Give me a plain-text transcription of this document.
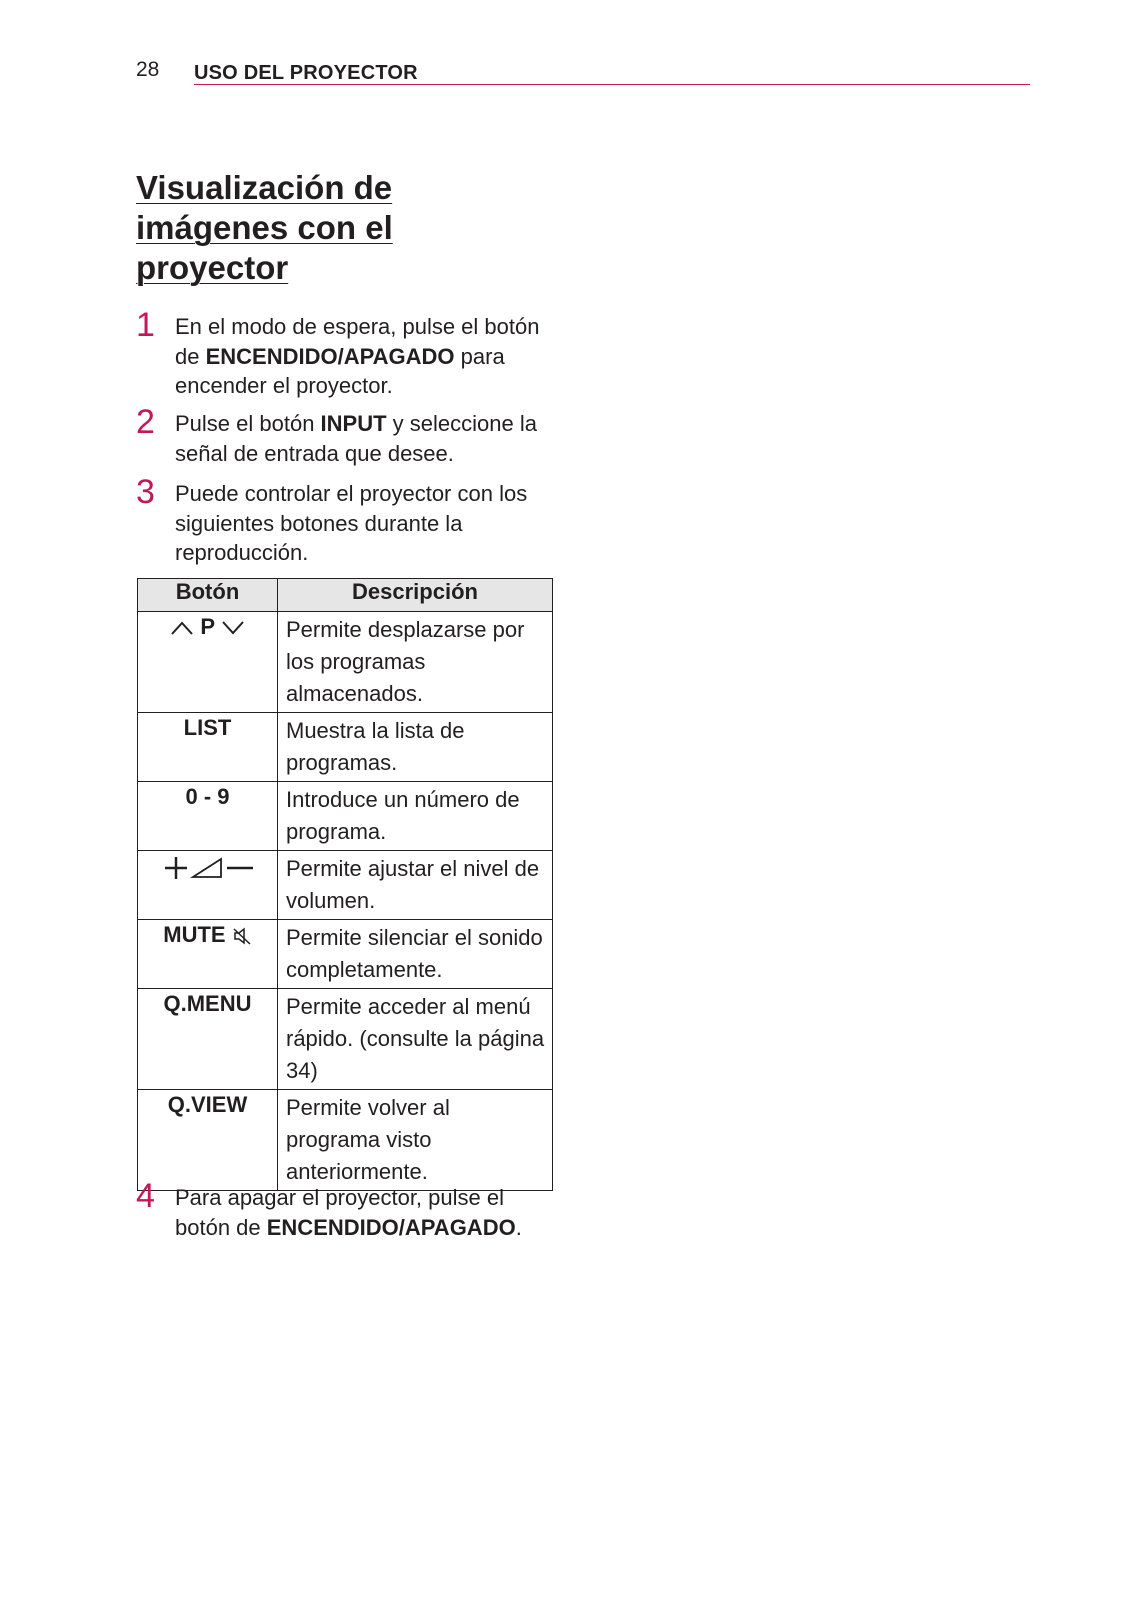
28 USO DEL PROYECTOR
Visualización de
imágenes con el
proyector
1 En el modo de espera, pulse el botón de ENCENDIDO/APAGADO para encender el proyector.
2 Pulse el botón INPUT y seleccione la señal de entrada que desee.
3 Puede controlar el proyector con los siguientes botones durante la reproducción.
Botón	Descripción
P	Permite desplazarse por los programas almacenados.
LIST	Muestra la lista de programas.
0 - 9	Introduce un número de programa.
	Permite ajustar el nivel de volumen.
MUTE	Permite silenciar el sonido completamente.
Q.MENU	Permite acceder al menú rápido. (consulte la página 34)
Q.VIEW	Permite volver al programa visto anteriormente.
4 Para apagar el proyector, pulse el botón de ENCENDIDO/APAGADO.
